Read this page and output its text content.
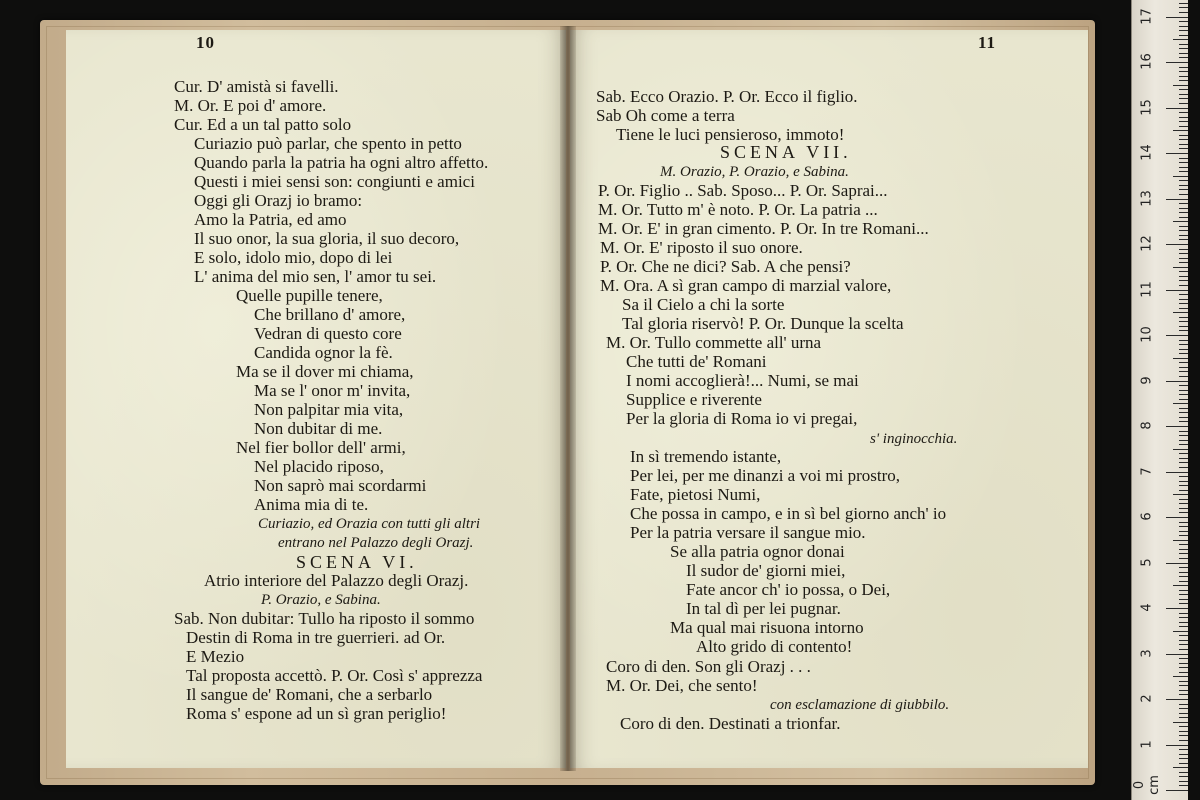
10
Cur. D' amistà si favelli.
M. Or. E poi d' amore.
Cur. Ed a un tal patto solo
Curiazio può parlar, che spento in petto
Quando parla la patria ha ogni altro affetto.
Questi i miei sensi son: congiunti e amici
Oggi gli Orazj io bramo:
Amo la Patria, ed amo
Il suo onor, la sua gloria, il suo decoro,
E solo, idolo mio, dopo di lei
L' anima del mio sen, l' amor tu sei.
Quelle pupille tenere,
Che brillano d' amore,
Vedran di questo core
Candida ognor la fè.
Ma se il dover mi chiama,
Ma se l' onor m' invita,
Non palpitar mia vita,
Non dubitar di me.
Nel fier bollor dell' armi,
Nel placido riposo,
Non saprò mai scordarmi
Anima mia di te.
Curiazio, ed Orazia con tutti gli altri
entrano nel Palazzo degli Orazj.
SCENA VI.
Atrio interiore del Palazzo degli Orazj.
P. Orazio, e Sabina.
Sab. Non dubitar: Tullo ha riposto il sommo
Destin di Roma in tre guerrieri. ad Or.
E Mezio
Tal proposta accettò. P. Or. Così s' apprezza
Il sangue de' Romani, che a serbarlo
Roma s' espone ad un sì gran periglio!
11
Sab. Ecco Orazio. P. Or. Ecco il figlio.
Sab Oh come a terra
Tiene le luci pensieroso, immoto!
SCENA VII.
M. Orazio, P. Orazio, e Sabina.
P. Or. Figlio .. Sab. Sposo... P. Or. Saprai...
M. Or. Tutto m' è noto. P. Or. La patria ...
M. Or. E' in gran cimento. P. Or. In tre Romani...
M. Or. E' riposto il suo onore.
P. Or. Che ne dici? Sab. A che pensi?
M. Ora. A sì gran campo di marzial valore,
Sa il Cielo a chi la sorte
Tal gloria riservò! P. Or. Dunque la scelta
M. Or. Tullo commette all' urna
Che tutti de' Romani
I nomi accoglierà!... Numi, se mai
Supplice e riverente
Per la gloria di Roma io vi pregai,
s' inginocchia.
In sì tremendo istante,
Per lei, per me dinanzi a voi mi prostro,
Fate, pietosi Numi,
Che possa in campo, e in sì bel giorno anch' io
Per la patria versare il sangue mio.
Se alla patria ognor donai
Il sudor de' giorni miei,
Fate ancor ch' io possa, o Dei,
In tal dì per lei pugnar.
Ma qual mai risuona intorno
Alto grido di contento!
Coro di den. Son gli Orazj . . .
M. Or. Dei, che sento!
con esclamazione di giubbilo.
Coro di den. Destinati a trionfar.
0 cm
1
2
3
4
5
6
7
8
9
10
11
12
13
14
15
16
17
